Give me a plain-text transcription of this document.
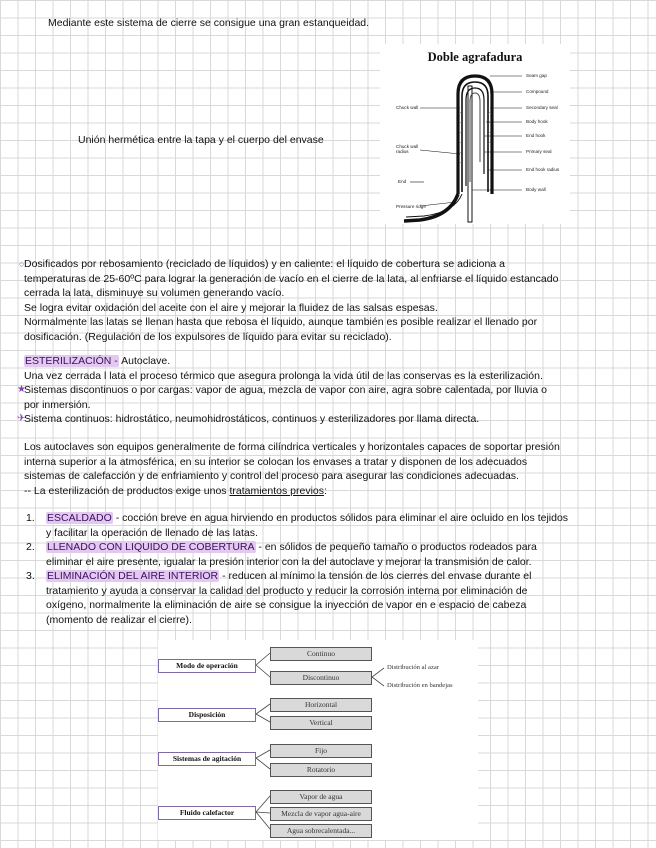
Mediante este sistema de cierre se consigue una gran estanqueidad.

Unión hermética entre la tapa y el cuerpo del envase

Doble agrafadura
Seam gap
Compound
Secondary seal
Body hook
End hook
Primary seal
End hook radius
Body wall
Chuck wall
Chuck wall radius
End
Pressure ridge
○ Dosificados por rebosamiento (reciclado de líquidos) y en caliente: el líquido de cobertura se adiciona a

temperaturas de 25-60ºC para lograr la generación de vacío en el cierre de la lata, al enfriarse el líquido estancado

cerrada la lata, disminuye su volumen generando vacío.

Se logra evitar oxidación del aceite con el aire y mejorar la fluidez de las salsas espesas.

Normalmente las latas se llenan hasta que rebosa el líquido, aunque también es posible realizar el llenado por

dosificación. (Regulación de los expulsores de líquido para evitar su reciclado).

ESTERILIZACIÓN - Autoclave.

Una vez cerrada l lata el proceso térmico que asegura prolonga la vida útil de las conservas es la esterilización.

Sistemas discontinuos o por cargas: vapor de agua, mezcla de vapor con aire, agra sobre calentada, por lluvia o

por inmersión.

Sistema continuos: hidrostático, neumohidrostáticos, continuos y esterilizadores por llama directa.

★
✈

Los autoclaves son equipos generalmente de forma cilíndrica verticales y horizontales capaces de soportar presión

interna superior a la atmosférica, en su interior se colocan los envases a tratar y disponen de los adecuados

sistemas de calefacción y de enfriamiento y control del proceso para asegurar las condiciones adecuadas.

-- La esterilización de productos exige unos tratamientos previos:

1. ESCALDADO - cocción breve en agua hirviendo en productos sólidos para eliminar el aire ocluido en los tejidos

y facilitar la operación de llenado de las latas.

2. LLENADO CON LIQUIDO DE COBERTURA - en sólidos de pequeño tamaño o productos rodeados para

eliminar el aire presente, igualar la presión interior con la del autoclave y mejorar la transmisión de calor.

3. ELIMINACIÓN DEL AIRE INTERIOR - reducen al mínimo la tensión de los cierres del envase durante el

tratamiento y ayuda a conservar la calidad del producto y reducir la corrosión interna por eliminación de

oxígeno, normalmente la eliminación de aire se consigue la inyección de vapor en e espacio de cabeza

(momento de realizar el cierre).

Modo de operación
Continuo
Discontinuo
Distribución al azar
Distribución en bandejas
Disposición
Horizontal
Vertical
Sistemas de agitación
Fijo
Rotatorio
Fluido calefactor
Vapor de agua
Mezcla de vapor agua-aire
Agua sobrecalentada...
